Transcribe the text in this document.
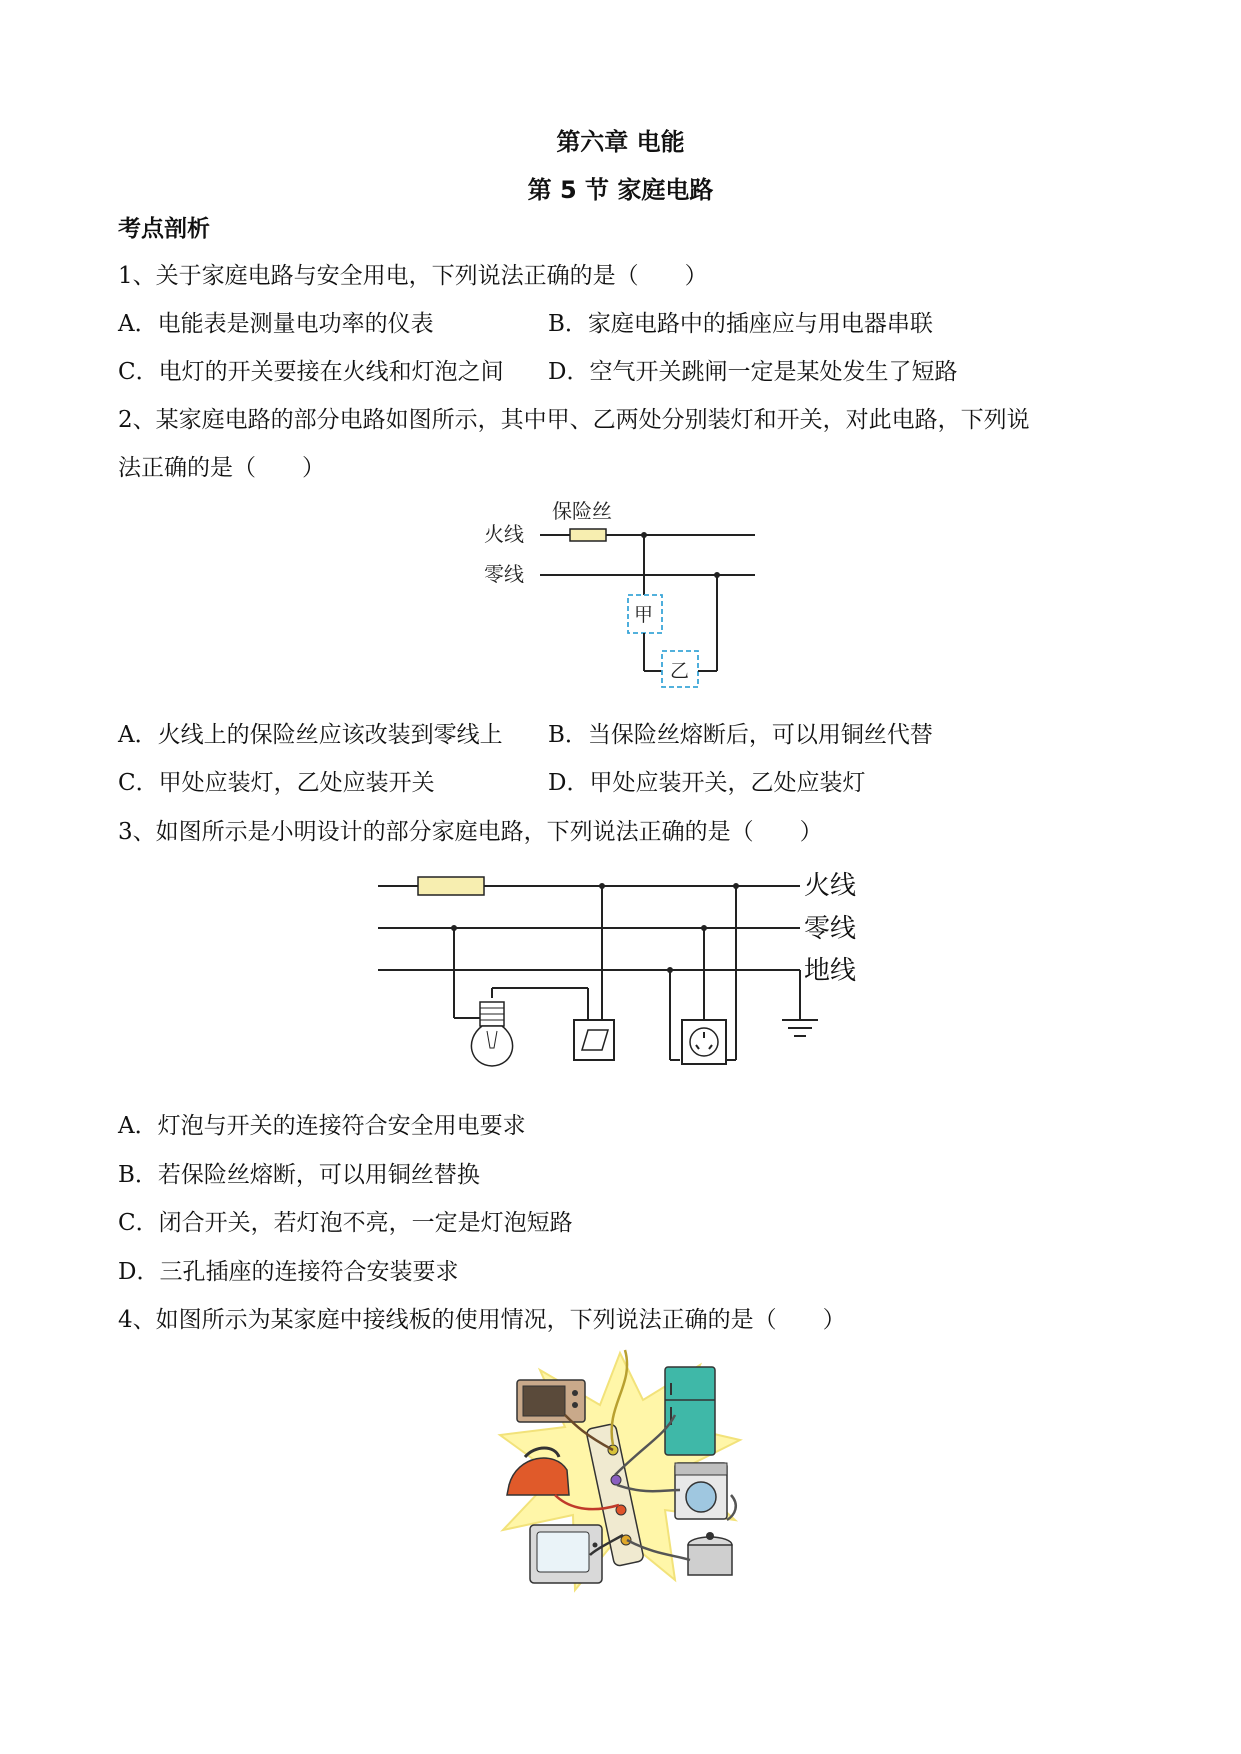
第六章 电能
第 5 节 家庭电路
考点剖析
1、关于家庭电路与安全用电，下列说法正确的是（　　）
A．电能表是测量电功率的仪表	B．家庭电路中的插座应与用电器串联
C．电灯的开关要接在火线和灯泡之间 D．空气开关跳闸一定是某处发生了短路
2、某家庭电路的部分电路如图所示，其中甲、乙两处分别装灯和开关，对此电路，下列说
法正确的是（　　）
保险丝
火线
零线
甲
乙
A．火线上的保险丝应该改装到零线上 B．当保险丝熔断后，可以用铜丝代替
C．甲处应装灯，乙处应装开关	D．甲处应装开关，乙处应装灯
3、如图所示是小明设计的部分家庭电路，下列说法正确的是（　　）
火线
零线
地线
A．灯泡与开关的连接符合安全用电要求
B．若保险丝熔断，可以用铜丝替换
C．闭合开关，若灯泡不亮，一定是灯泡短路
D．三孔插座的连接符合安装要求
4、如图所示为某家庭中接线板的使用情况，下列说法正确的是（　　）
